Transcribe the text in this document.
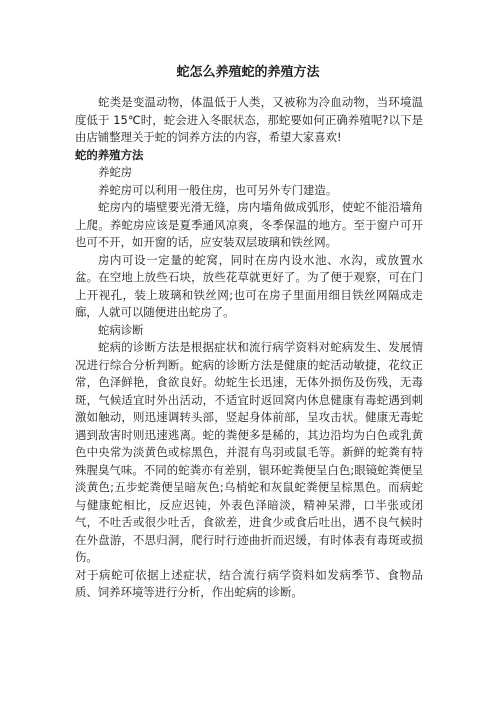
蛇怎么养殖蛇的养殖方法

蛇类是变温动物，体温低于人类，又被称为冷血动物，当环境温度低于 15℃时，蛇会进入冬眠状态，那蛇要如何正确养殖呢?以下是由店铺整理关于蛇的饲养方法的内容，希望大家喜欢!

蛇的养殖方法

养蛇房

养蛇房可以利用一般住房，也可另外专门建造。

蛇房内的墙壁要光滑无缝，房内墙角做成弧形，使蛇不能沿墙角上爬。养蛇房应该是夏季通风凉爽，冬季保温的地方。至于窗户可开也可不开，如开窗的话，应安装双层玻璃和铁丝网。

房内可设一定量的蛇窝，同时在房内设水池、水沟，或放置水盆。在空地上放些石块，放些花草就更好了。为了便于观察，可在门上开视孔，装上玻璃和铁丝网;也可在房子里面用细目铁丝网隔成走廊，人就可以随便进出蛇房了。

蛇病诊断

蛇病的诊断方法是根据症状和流行病学资料对蛇病发生、发展情况进行综合分析判断。蛇病的诊断方法是健康的蛇活动敏捷，花纹正常，色泽鲜艳，食欲良好。幼蛇生长迅速，无体外损伤及伤残，无毒斑，气候适宜时外出活动，不适宜时返回窝内休息健康有毒蛇遇到刺激如触动，则迅速调转头部，竖起身体前部，呈攻击状。健康无毒蛇遇到敌害时则迅速逃离。蛇的粪便多是稀的，其边沿均为白色或乳黄色中央常为淡黄色或棕黑色，并混有鸟羽或鼠毛等。新鲜的蛇粪有特殊腥臭气味。不同的蛇粪亦有差别，银环蛇粪便呈白色;眼镜蛇粪便呈淡黄色;五步蛇粪便呈暗灰色;乌梢蛇和灰鼠蛇粪便呈棕黑色。而病蛇与健康蛇相比，反应迟钝，外表色泽暗淡，精神呆滞，口半张或闭气，不吐舌或很少吐舌，食欲差，进食少或食后吐出，遇不良气候时在外盘游，不思归洞，爬行时行迹曲折而迟缓，有时体表有毒斑或损伤。

对于病蛇可依据上述症状，结合流行病学资料如发病季节、食物品质、饲养环境等进行分析，作出蛇病的诊断。
